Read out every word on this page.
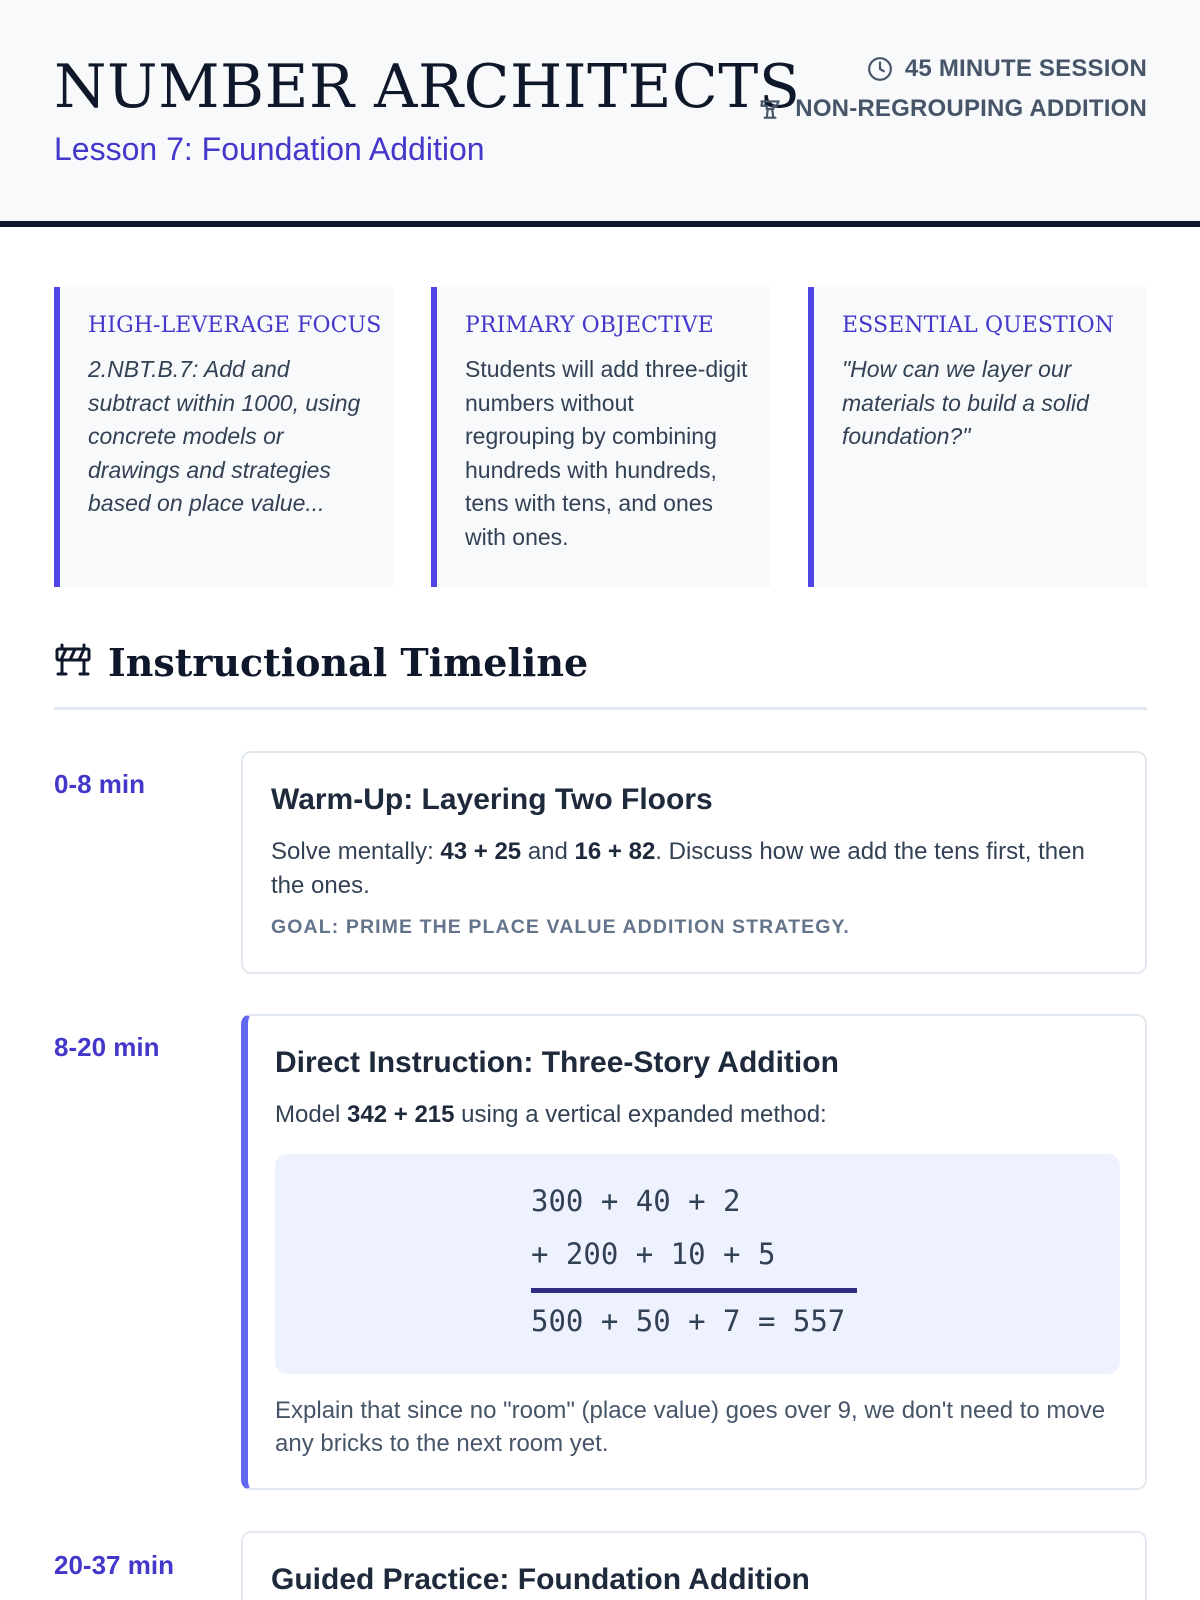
NUMBER ARCHITECTS
Lesson 7: Foundation Addition
45 MINUTE SESSION
NON-REGROUPING ADDITION
HIGH-LEVERAGE FOCUS
2.NBT.B.7: Add and subtract within 1000, using concrete models or drawings and strategies based on place value...
PRIMARY OBJECTIVE
Students will add three-digit numbers without regrouping by combining hundreds with hundreds, tens with tens, and ones with ones.
ESSENTIAL QUESTION
"How can we layer our materials to build a solid foundation?"
Instructional Timeline
0-8 min	Warm-Up: Layering Two Floors

Solve mentally: 43 + 25 and 16 + 82. Discuss how we add the tens first, then the ones.

GOAL: PRIME THE PLACE VALUE ADDITION STRATEGY.
8-20 min	Direct Instruction: Three-Story Addition

Model 342 + 215 using a vertical expanded method:

300 + 40 + 2
+ 200 + 10 + 5
500 + 50 + 7 = 557

Explain that since no "room" (place value) goes over 9, we don't need to move any bricks to the next room yet.

20-37 min	Guided Practice: Foundation Addition
